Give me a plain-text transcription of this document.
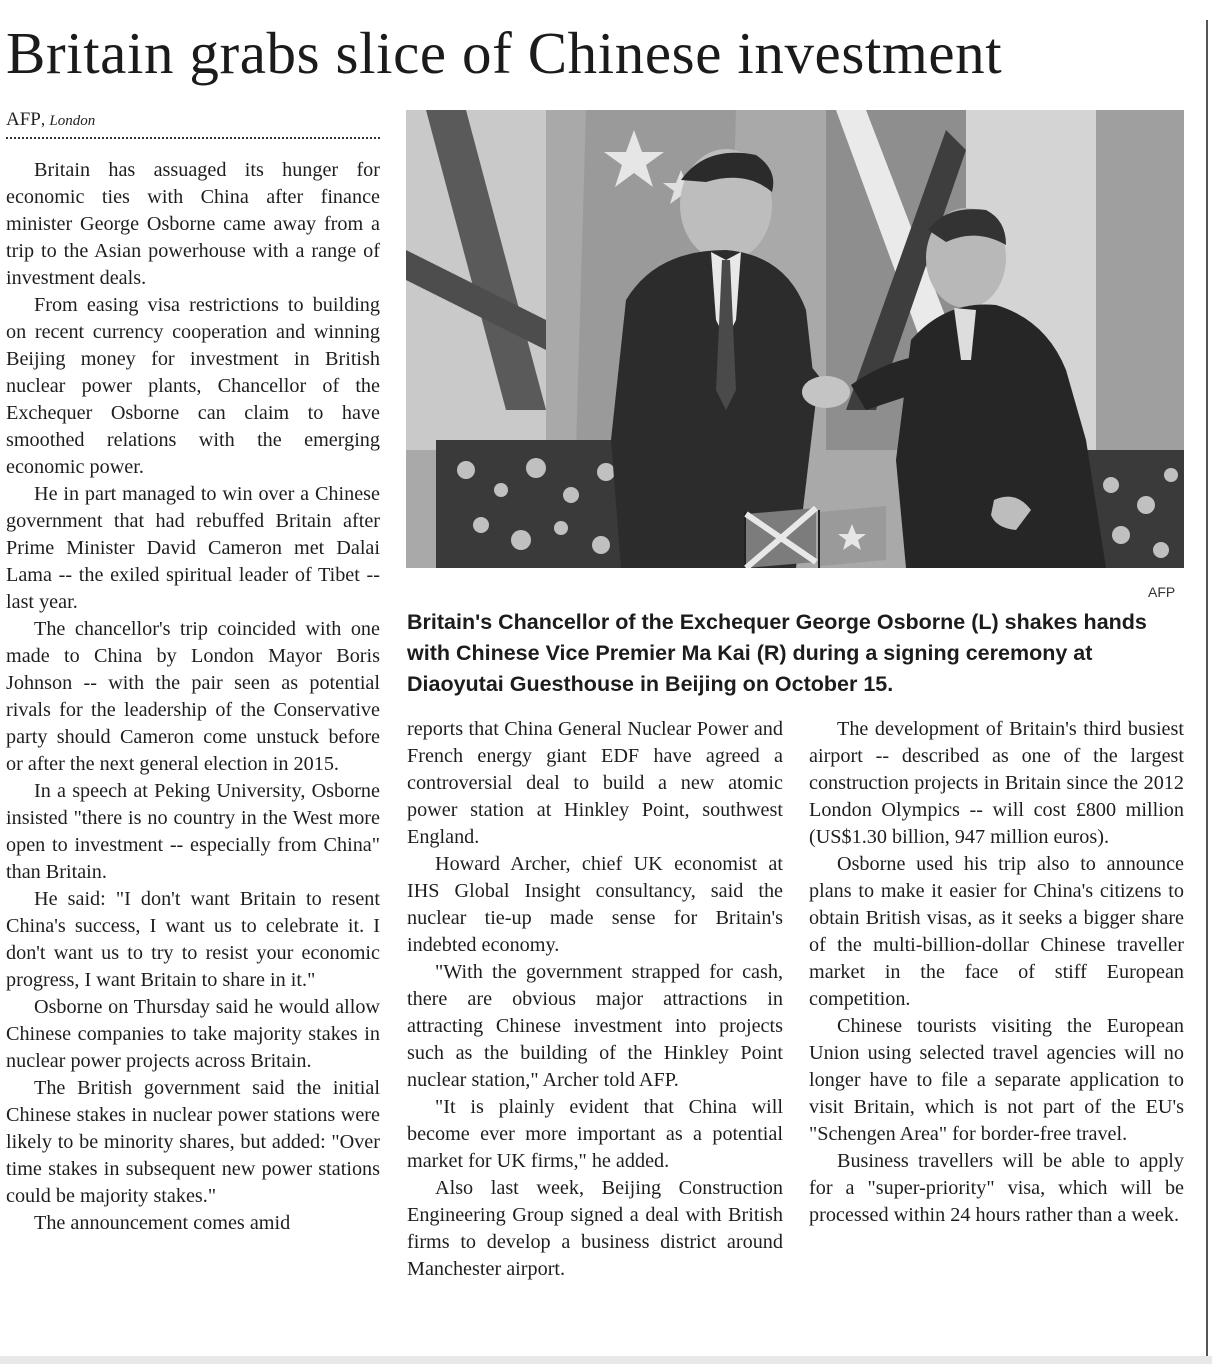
Britain grabs slice of Chinese investment
AFP, London

Britain has assuaged its hunger for economic ties with China after finance minister George Osborne came away from a trip to the Asian powerhouse with a range of investment deals.

From easing visa restrictions to building on recent currency cooperation and winning Beijing money for investment in British nuclear power plants, Chancellor of the Exchequer Osborne can claim to have smoothed relations with the emerging economic power.

He in part managed to win over a Chinese government that had rebuffed Britain after Prime Minister David Cameron met Dalai Lama -- the exiled spiritual leader of Tibet -- last year.

The chancellor's trip coincided with one made to China by London Mayor Boris Johnson -- with the pair seen as potential rivals for the leadership of the Conservative party should Cameron come unstuck before or after the next general election in 2015.

In a speech at Peking University, Osborne insisted "there is no country in the West more open to investment -- especially from China" than Britain.

He said: "I don't want Britain to resent China's success, I want us to celebrate it. I don't want us to try to resist your economic progress, I want Britain to share in it."

Osborne on Thursday said he would allow Chinese companies to take majority stakes in nuclear power projects across Britain.

The British government said the initial Chinese stakes in nuclear power stations were likely to be minority shares, but added: "Over time stakes in subsequent new power stations could be majority stakes."

The announcement comes amid

AFP
Britain's Chancellor of the Exchequer George Osborne (L) shakes hands with Chinese Vice Premier Ma Kai (R) during a signing ceremony at Diaoyutai Guesthouse in Beijing on October 15.

reports that China General Nuclear Power and French energy giant EDF have agreed a controversial deal to build a new atomic power station at Hinkley Point, southwest England.

Howard Archer, chief UK economist at IHS Global Insight consultancy, said the nuclear tie-up made sense for Britain's indebted economy.

"With the government strapped for cash, there are obvious major attractions in attracting Chinese investment into projects such as the building of the Hinkley Point nuclear station," Archer told AFP.

"It is plainly evident that China will become ever more important as a potential market for UK firms," he added.

Also last week, Beijing Construction Engineering Group signed a deal with British firms to develop a business district around Manchester airport.

The development of Britain's third busiest airport -- described as one of the largest construction projects in Britain since the 2012 London Olympics -- will cost £800 million (US$1.30 billion, 947 million euros).

Osborne used his trip also to announce plans to make it easier for China's citizens to obtain British visas, as it seeks a bigger share of the multi-billion-dollar Chinese traveller market in the face of stiff European competition.

Chinese tourists visiting the European Union using selected travel agencies will no longer have to file a separate application to visit Britain, which is not part of the EU's "Schengen Area" for border-free travel.

Business travellers will be able to apply for a "super-priority" visa, which will be processed within 24 hours rather than a week.
